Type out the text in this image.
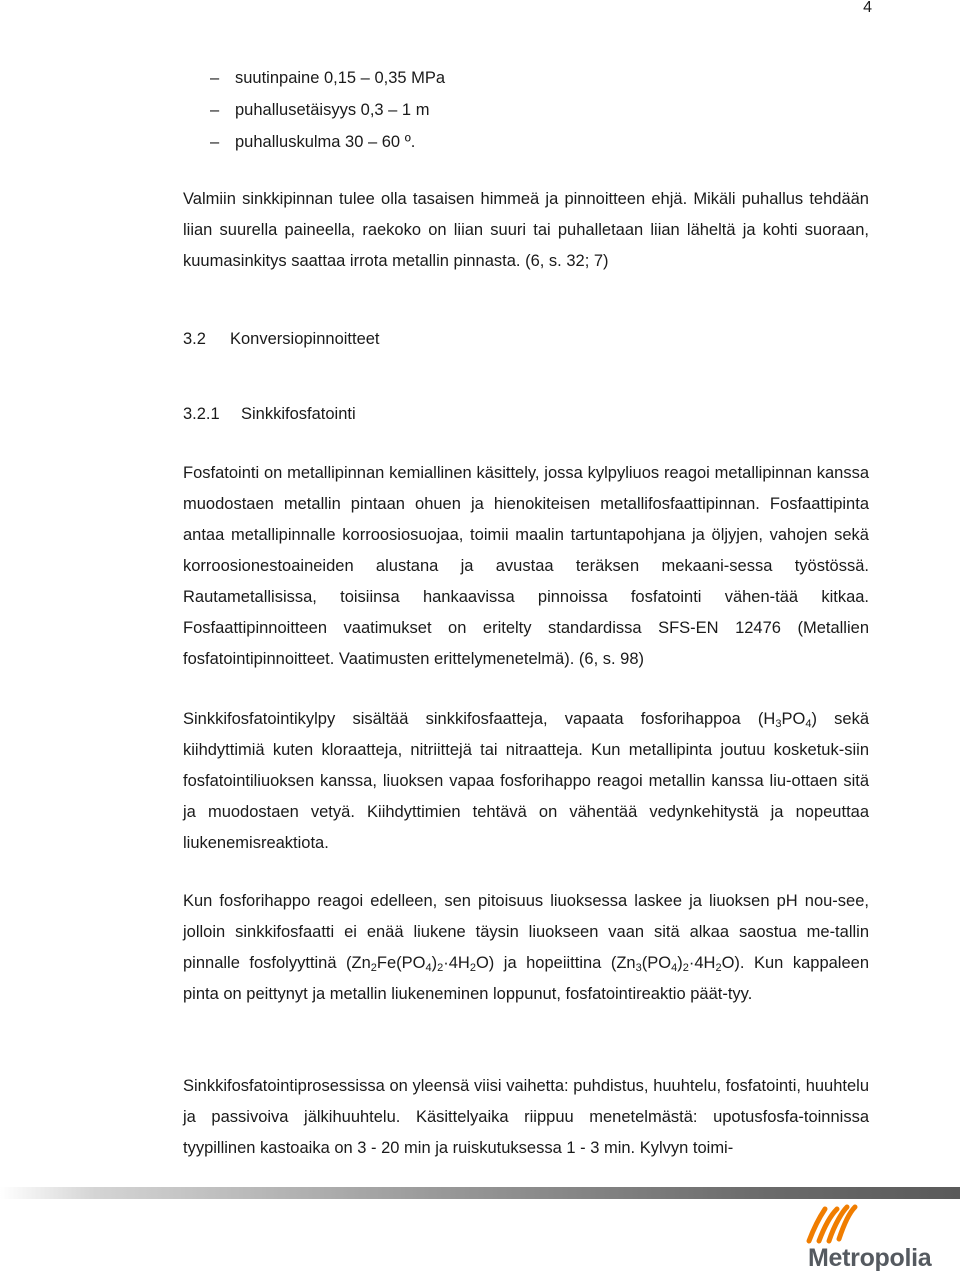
4
– suutinpaine 0,15 – 0,35 MPa
– puhallusetäisyys 0,3 – 1 m
– puhalluskulma 30 – 60 º.

Valmiin sinkkipinnan tulee olla tasaisen himmeä ja pinnoitteen ehjä. Mikäli puhallus tehdään liian suurella paineella, raekoko on liian suuri tai puhalletaan liian läheltä ja kohti suoraan, kuumasinkitys saattaa irrota metallin pinnasta. (6, s. 32; 7)

3.2 Konversiopinnoitteet
3.2.1 Sinkkifosfatointi

Fosfatointi on metallipinnan kemiallinen käsittely, jossa kylpyliuos reagoi metallipinnan kanssa muodostaen metallin pintaan ohuen ja hienokiteisen metallifosfaattipinnan. Fosfaattipinta antaa metallipinnalle korroosiosuojaa, toimii maalin tartuntapohjana ja öljyjen, vahojen sekä korroosionestoaineiden alustana ja avustaa teräksen mekaani-sessa työstössä. Rautametallisissa, toisiinsa hankaavissa pinnoissa fosfatointi vähen-tää kitkaa. Fosfaattipinnoitteen vaatimukset on eritelty standardissa SFS-EN 12476 (Metallien fosfatointipinnoitteet. Vaatimusten erittelymenetelmä). (6, s. 98)

Sinkkifosfatointikylpy sisältää sinkkifosfaatteja, vapaata fosforihappoa $(H_3PO_4)$ sekä kiihdyttimiä kuten kloraatteja, nitriittejä tai nitraatteja. Kun metallipinta joutuu kosketuk-siin fosfatointiliuoksen kanssa, liuoksen vapaa fosforihappo reagoi metallin kanssa liu-ottaen sitä ja muodostaen vetyä. Kiihdyttimien tehtävä on vähentää vedynkehitystä ja nopeuttaa liukenemisreaktiota.

Kun fosforihappo reagoi edelleen, sen pitoisuus liuoksessa laskee ja liuoksen pH nou-see, jolloin sinkkifosfaatti ei enää liukene täysin liuokseen vaan sitä alkaa saostua me-tallin pinnalle fosfolyyttinä $(Zn_2Fe(PO_4)_2\cdot 4H_2O)$ ja hopeiittina $(Zn_3(PO_4)_2\cdot 4H_2O)$. Kun kappaleen pinta on peittynyt ja metallin liukeneminen loppunut, fosfatointireaktio päät-tyy.

Sinkkifosfatointiprosessissa on yleensä viisi vaihetta: puhdistus, huuhtelu, fosfatointi, huuhtelu ja passivoiva jälkihuuhtelu. Käsittelyaika riippuu menetelmästä: upotusfosfa-toinnissa tyypillinen kastoaika on 3 - 20 min ja ruiskutuksessa 1 - 3 min. Kylvyn toimi-

Metropolia
